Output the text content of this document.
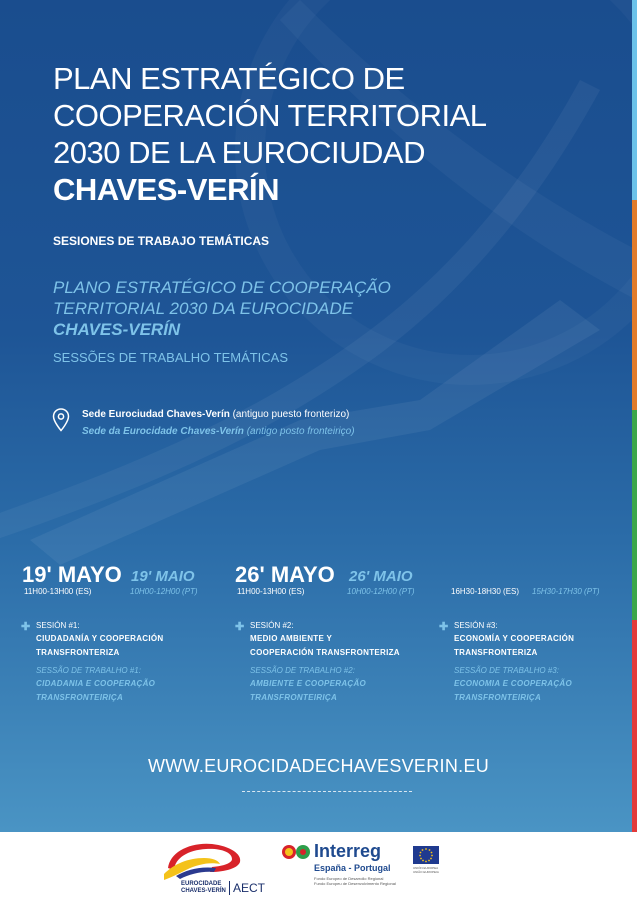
PLAN ESTRATÉGICO DE
COOPERACIÓN TERRITORIAL
2030 DE LA EUROCIUDAD
CHAVES-VERÍN
SESIONES DE TRABAJO TEMÁTICAS
PLANO ESTRATÉGICO DE COOPERAÇÃO
TERRITORIAL 2030 DA EUROCIDADE
CHAVES-VERÍN
SESSÕES DE TRABALHO TEMÁTICAS
Sede Eurociudad Chaves-Verín (antiguo puesto fronterizo)
Sede da Eurocidade Chaves-Verín (antigo posto fronteiriço)
19' MAYO 19' MAIO
11H00-13H00 (ES)	10H00-12H00 (PT)
26' MAYO 26' MAIO
11H00-13H00 (ES)	10H00-12H00 (PT)	16H30-18H30 (ES) 15H30-17H30 (PT)
✚ SESIÓN #1:
CIUDADANÍA Y COOPERACIÓN
TRANSFRONTERIZA
SESSÃO DE TRABALHO #1:
CIDADANIA E COOPERAÇÃO
TRANSFRONTEIRIÇA
✚ SESIÓN #2:
MEDIO AMBIENTE Y
COOPERACIÓN TRANSFRONTERIZA
SESSÃO DE TRABALHO #2:
AMBIENTE E COOPERAÇÃO
TRANSFRONTEIRIÇA
✚ SESIÓN #3:
ECONOMÍA Y COOPERACIÓN
TRANSFRONTERIZA
SESSÃO DE TRABALHO #3:
ECONOMIA E COOPERAÇÃO
TRANSFRONTEIRIÇA
WWW.EUROCIDADECHAVESVERIN.EU
EUROCIDADE
CHAVES-VERÍN AECT
Interreg
España - Portugal
Fondo Europeo de Desarrollo Regional
Fundo Europeu de Desenvolvimento Regional
UNIÓN EUROPEA
UNIÃO EUROPEIA
